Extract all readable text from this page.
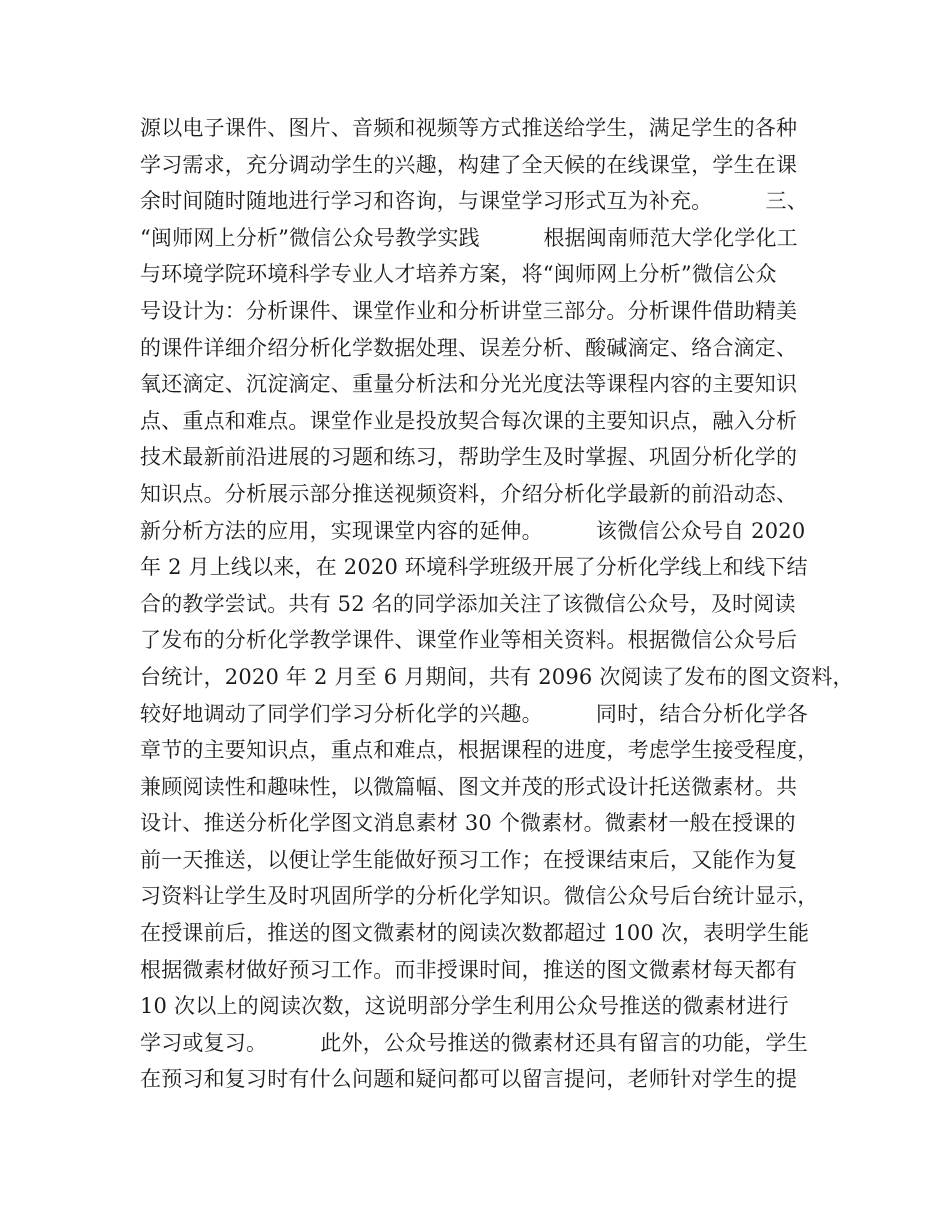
源以电子课件、图片、音频和视频等方式推送给学生，满足学生的各种
学习需求，充分调动学生的兴趣，构建了全天候的在线课堂，学生在课
余时间随时随地进行学习和咨询，与课堂学习形式互为补充。　　　三、
“闽师网上分析”微信公众号教学实践　　　根据闽南师范大学化学化工
与环境学院环境科学专业人才培养方案，将“闽师网上分析”微信公众
号设计为：分析课件、课堂作业和分析讲堂三部分。分析课件借助精美
的课件详细介绍分析化学数据处理、误差分析、酸碱滴定、络合滴定、
氧还滴定、沉淀滴定、重量分析法和分光光度法等课程内容的主要知识
点、重点和难点。课堂作业是投放契合每次课的主要知识点，融入分析
技术最新前沿进展的习题和练习，帮助学生及时掌握、巩固分析化学的
知识点。分析展示部分推送视频资料，介绍分析化学最新的前沿动态、
新分析方法的应用，实现课堂内容的延伸。　　　该微信公众号自 2020
年 2 月上线以来，在 2020 环境科学班级开展了分析化学线上和线下结
合的教学尝试。共有 52 名的同学添加关注了该微信公众号，及时阅读
了发布的分析化学教学课件、课堂作业等相关资料。根据微信公众号后
台统计，2020 年 2 月至 6 月期间，共有 2096 次阅读了发布的图文资料，
较好地调动了同学们学习分析化学的兴趣。　　　同时，结合分析化学各
章节的主要知识点，重点和难点，根据课程的进度，考虑学生接受程度，
兼顾阅读性和趣味性，以微篇幅、图文并茂的形式设计托送微素材。共
设计、推送分析化学图文消息素材 30 个微素材。微素材一般在授课的
前一天推送，以便让学生能做好预习工作；在授课结束后，又能作为复
习资料让学生及时巩固所学的分析化学知识。微信公众号后台统计显示，
在授课前后，推送的图文微素材的阅读次数都超过 100 次，表明学生能
根据微素材做好预习工作。而非授课时间，推送的图文微素材每天都有
10 次以上的阅读次数，这说明部分学生利用公众号推送的微素材进行
学习或复习。　　　此外，公众号推送的微素材还具有留言的功能，学生
在预习和复习时有什么问题和疑问都可以留言提问，老师针对学生的提
